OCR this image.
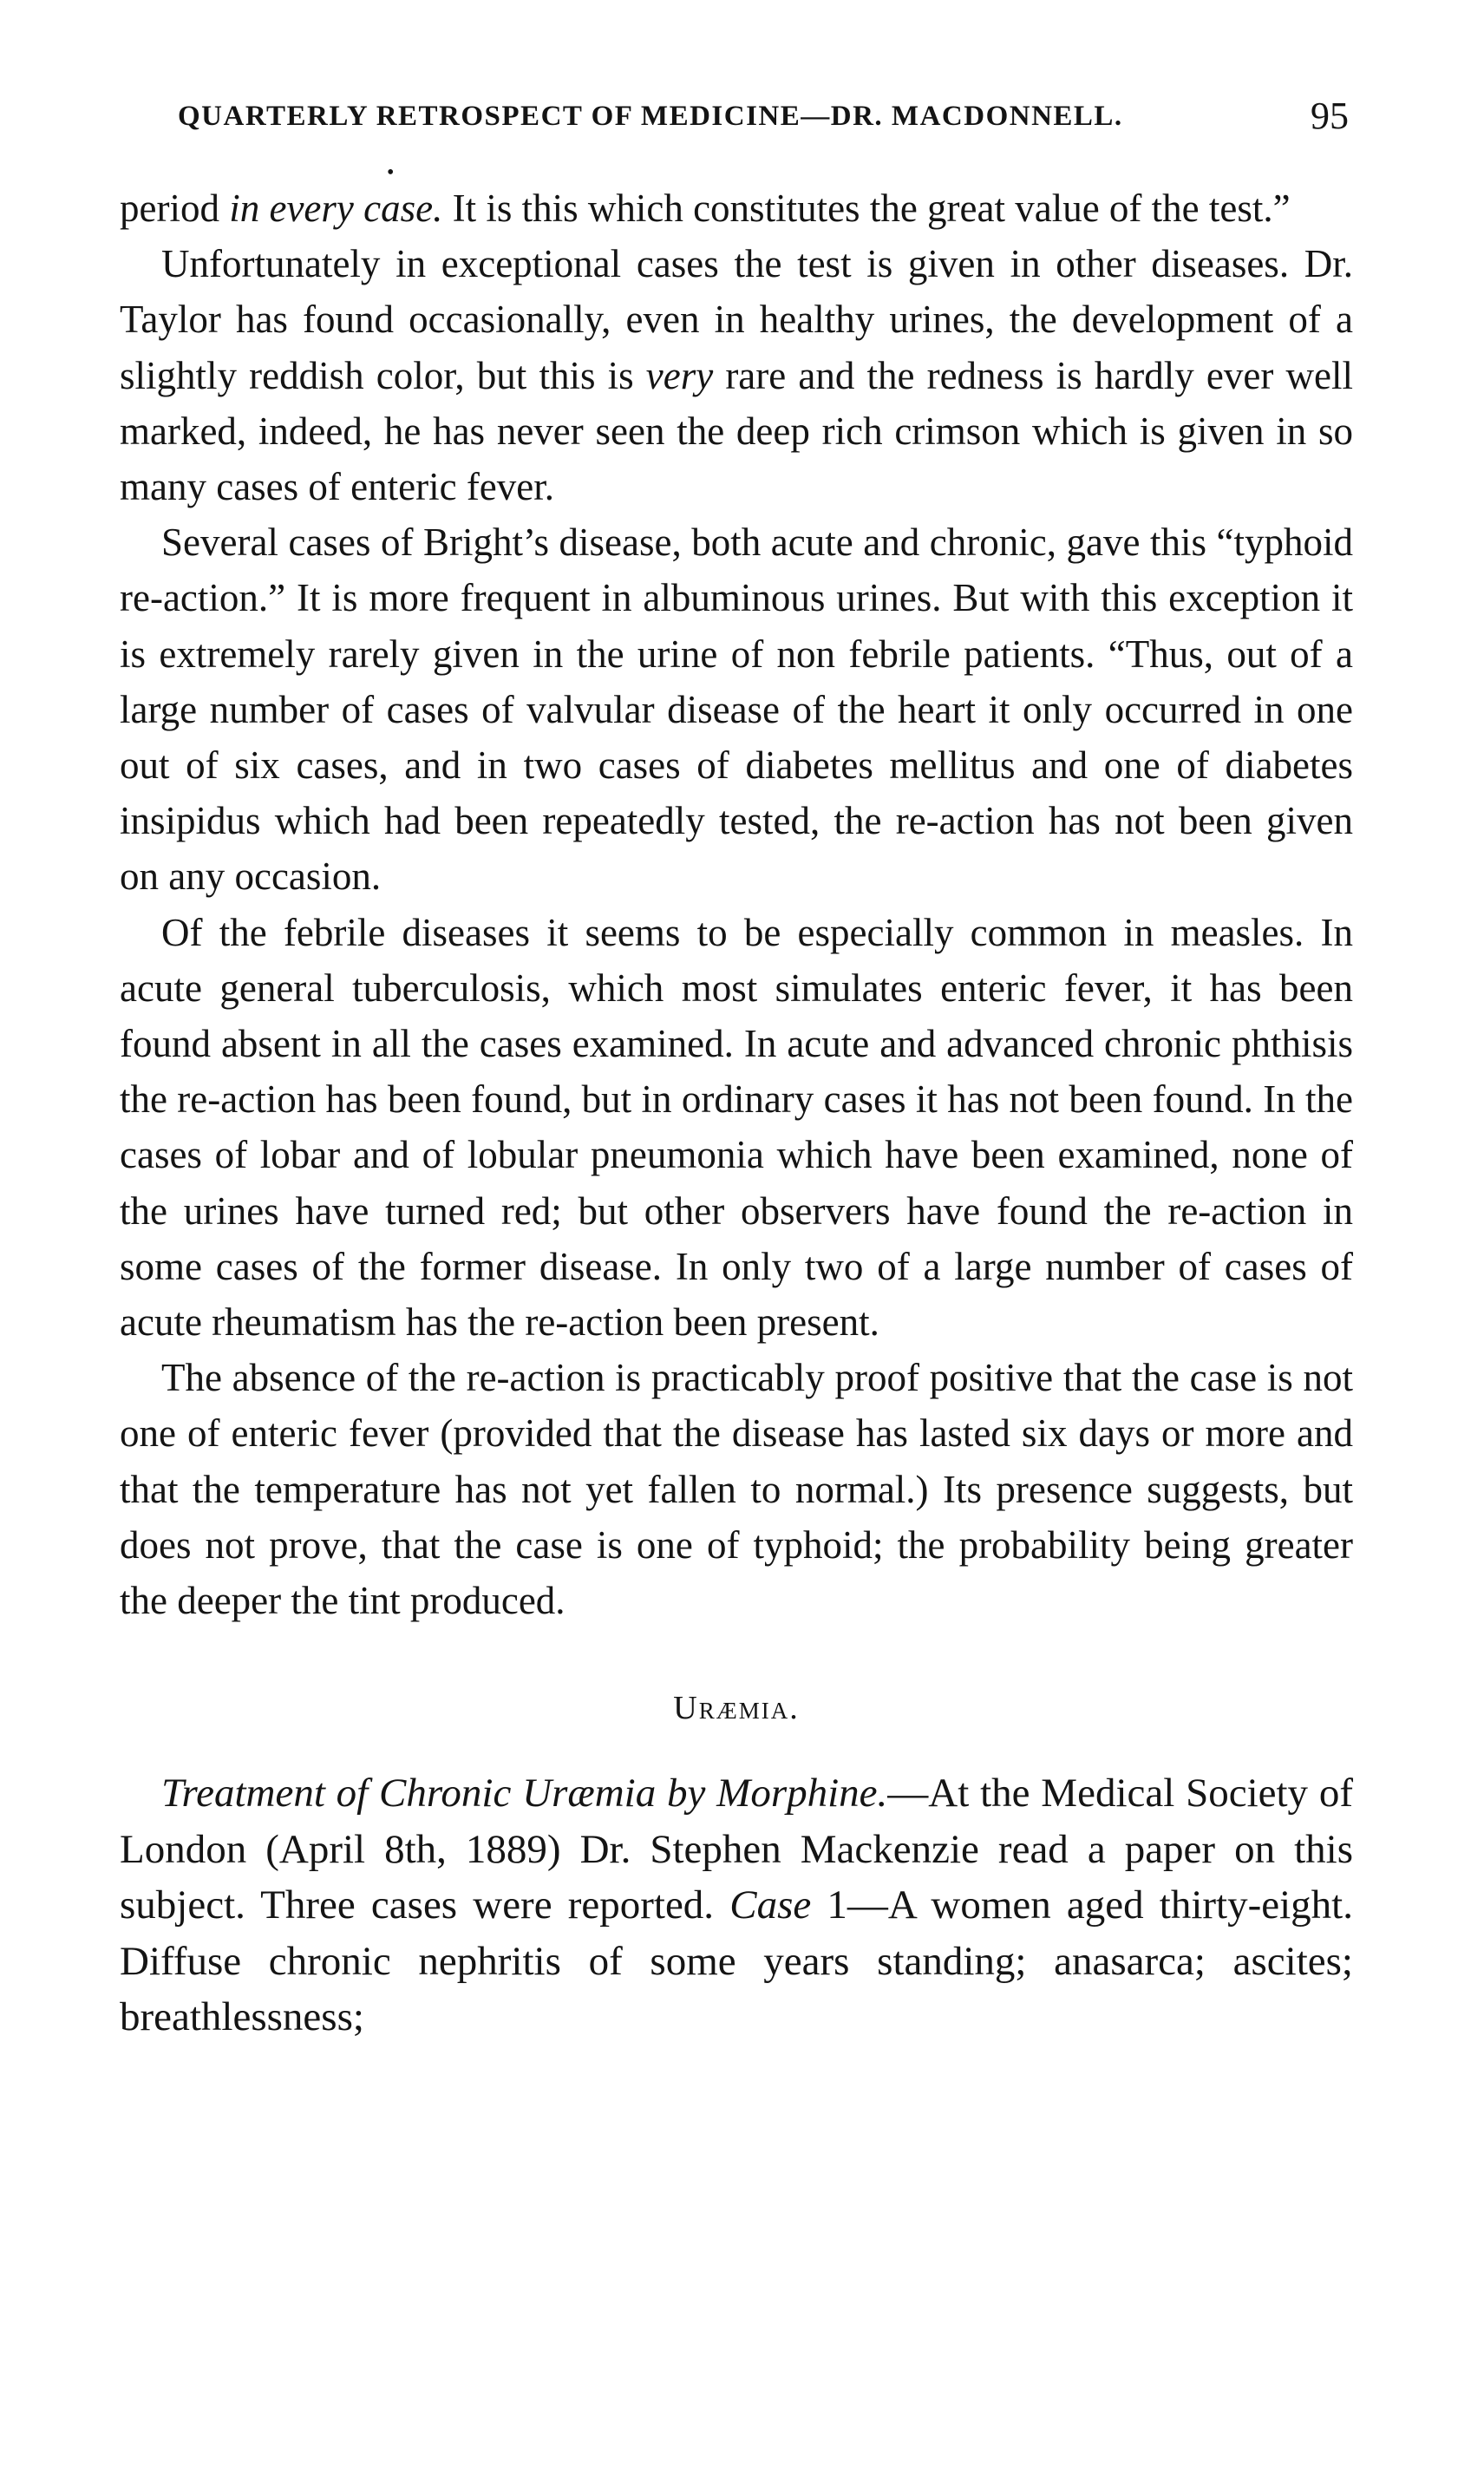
QUARTERLY RETROSPECT OF MEDICINE—DR. MACDONNELL.	95
•

period in every case. It is this which constitutes the great value of the test.”

Unfortunately in exceptional cases the test is given in other diseases. Dr. Taylor has found occasionally, even in healthy urines, the development of a slightly reddish color, but this is very rare and the redness is hardly ever well marked, indeed, he has never seen the deep rich crimson which is given in so many cases of enteric fever.

Several cases of Bright’s disease, both acute and chronic, gave this “typhoid re-action.” It is more frequent in albuminous urines. But with this exception it is extremely rarely given in the urine of non febrile patients. “Thus, out of a large number of cases of valvular disease of the heart it only occurred in one out of six cases, and in two cases of diabetes mellitus and one of diabetes insipidus which had been repeatedly tested, the re-action has not been given on any occasion.

Of the febrile diseases it seems to be especially common in measles. In acute general tuberculosis, which most simulates enteric fever, it has been found absent in all the cases examined. In acute and advanced chronic phthisis the re-action has been found, but in ordinary cases it has not been found. In the cases of lobar and of lobular pneumonia which have been examined, none of the urines have turned red; but other observers have found the re-action in some cases of the former disease. In only two of a large number of cases of acute rheumatism has the re-action been present.

The absence of the re-action is practicably proof positive that the case is not one of enteric fever (provided that the disease has lasted six days or more and that the temperature has not yet fallen to normal.) Its presence suggests, but does not prove, that the case is one of typhoid; the probability being greater the deeper the tint produced.

Uræmia.

Treatment of Chronic Uræmia by Morphine.—At the Medical Society of London (April 8th, 1889) Dr. Stephen Mackenzie read a paper on this subject. Three cases were reported. Case 1—A women aged thirty-eight. Diffuse chronic nephritis of some years standing; anasarca; ascites; breathlessness;
